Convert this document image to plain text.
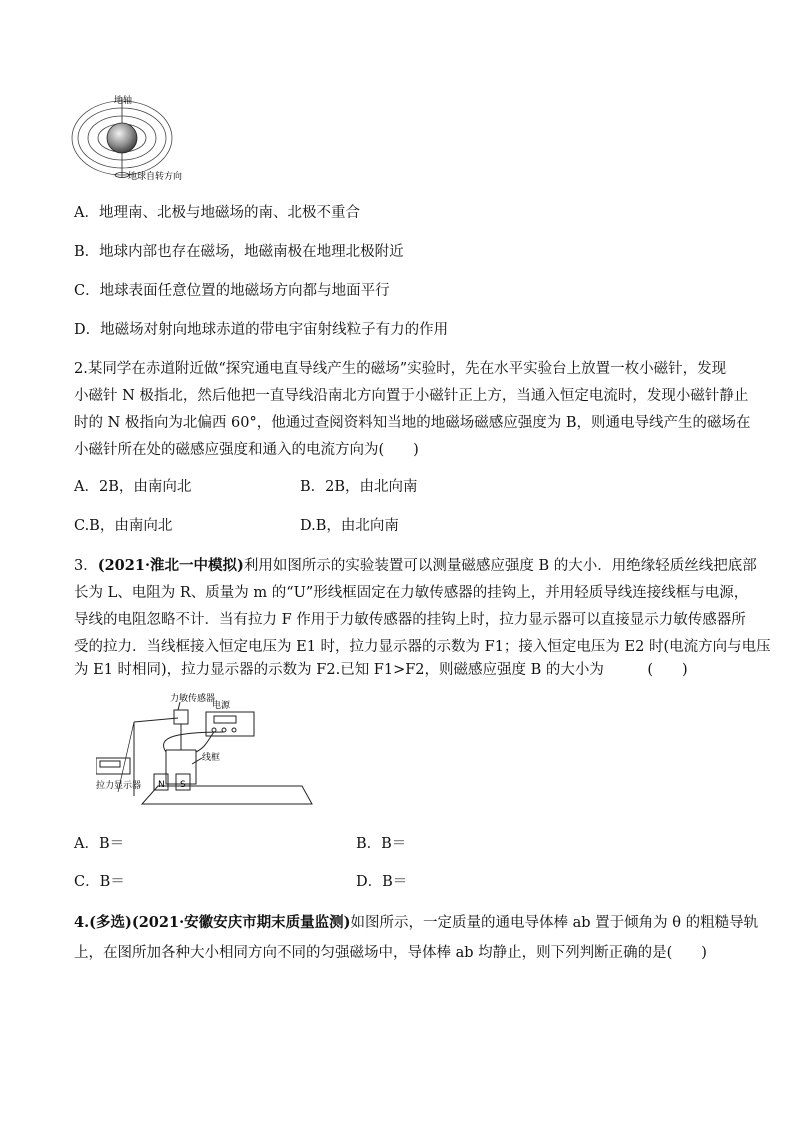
地轴
地球自转方向
A．地理南、北极与地磁场的南、北极不重合
B．地球内部也存在磁场，地磁南极在地理北极附近
C．地球表面任意位置的地磁场方向都与地面平行
D．地磁场对射向地球赤道的带电宇宙射线粒子有力的作用
2.某同学在赤道附近做“探究通电直导线产生的磁场”实验时，先在水平实验台上放置一枚小磁针，发现
小磁针 N 极指北，然后他把一直导线沿南北方向置于小磁针正上方，当通入恒定电流时，发现小磁针静止
时的 N 极指向为北偏西 60°，他通过查阅资料知当地的地磁场磁感应强度为 B，则通电导线产生的磁场在
小磁针所在处的磁感应强度和通入的电流方向为(　　)
A．2B，由南向北	B．2B，由北向南
C.B，由南向北	D.B，由北向南
3．(2021·淮北一中模拟)利用如图所示的实验装置可以测量磁感应强度 B 的大小．用绝缘轻质丝线把底部
长为 L、电阻为 R、质量为 m 的“U”形线框固定在力敏传感器的挂钩上，并用轻质导线连接线框与电源，
导线的电阻忽略不计．当有拉力 F 作用于力敏传感器的挂钩上时，拉力显示器可以直接显示力敏传感器所
受的拉力．当线框接入恒定电压为 E1 时，拉力显示器的示数为 F1；接入恒定电压为 E2 时(电流方向与电压
为 E1 时相同)，拉力显示器的示数为 F2.已知 F1>F2，则磁感应强度 B 的大小为　　　(　　)
力敏传感器
电源
线框
拉力显示器 N S
A．B＝	B．B＝
C．B＝	D．B＝
4.(多选)(2021·安徽安庆市期末质量监测)如图所示，一定质量的通电导体棒 ab 置于倾角为 θ 的粗糙导轨
上，在图所加各种大小相同方向不同的匀强磁场中，导体棒 ab 均静止，则下列判断正确的是(　　)
